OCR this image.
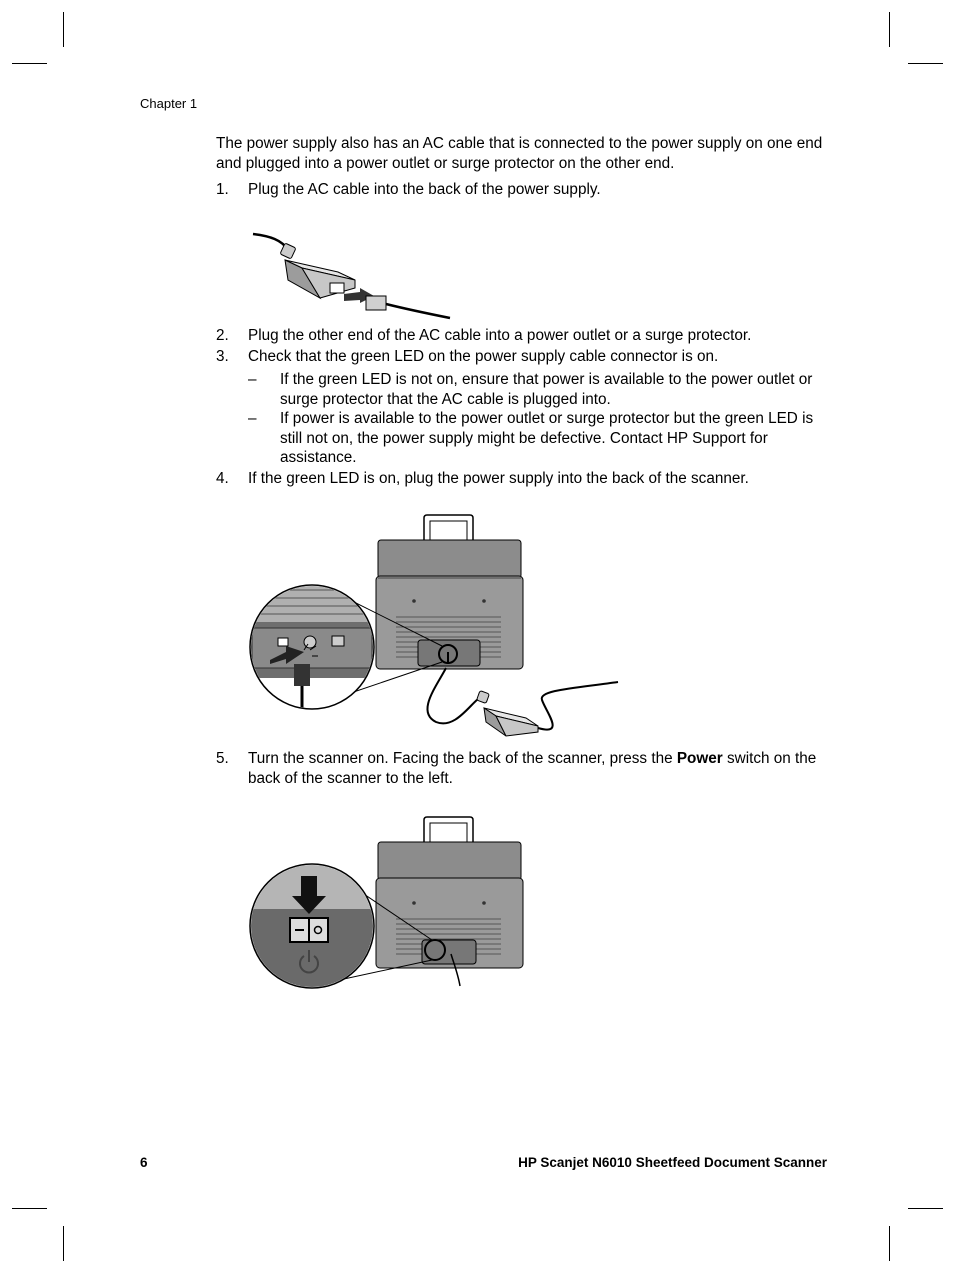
Chapter 1
The power supply also has an AC cable that is connected to the power supply on one end and plugged into a power outlet or surge protector on the other end.
1. Plug the AC cable into the back of the power supply.
2. Plug the other end of the AC cable into a power outlet or a surge protector.
3. Check that the green LED on the power supply cable connector is on.
– If the green LED is not on, ensure that power is available to the power outlet or surge protector that the AC cable is plugged into.
– If power is available to the power outlet or surge protector but the green LED is still not on, the power supply might be defective. Contact HP Support for assistance.
4. If the green LED is on, plug the power supply into the back of the scanner.
5. Turn the scanner on. Facing the back of the scanner, press the Power switch on the back of the scanner to the left.
6	HP Scanjet N6010 Sheetfeed Document Scanner
